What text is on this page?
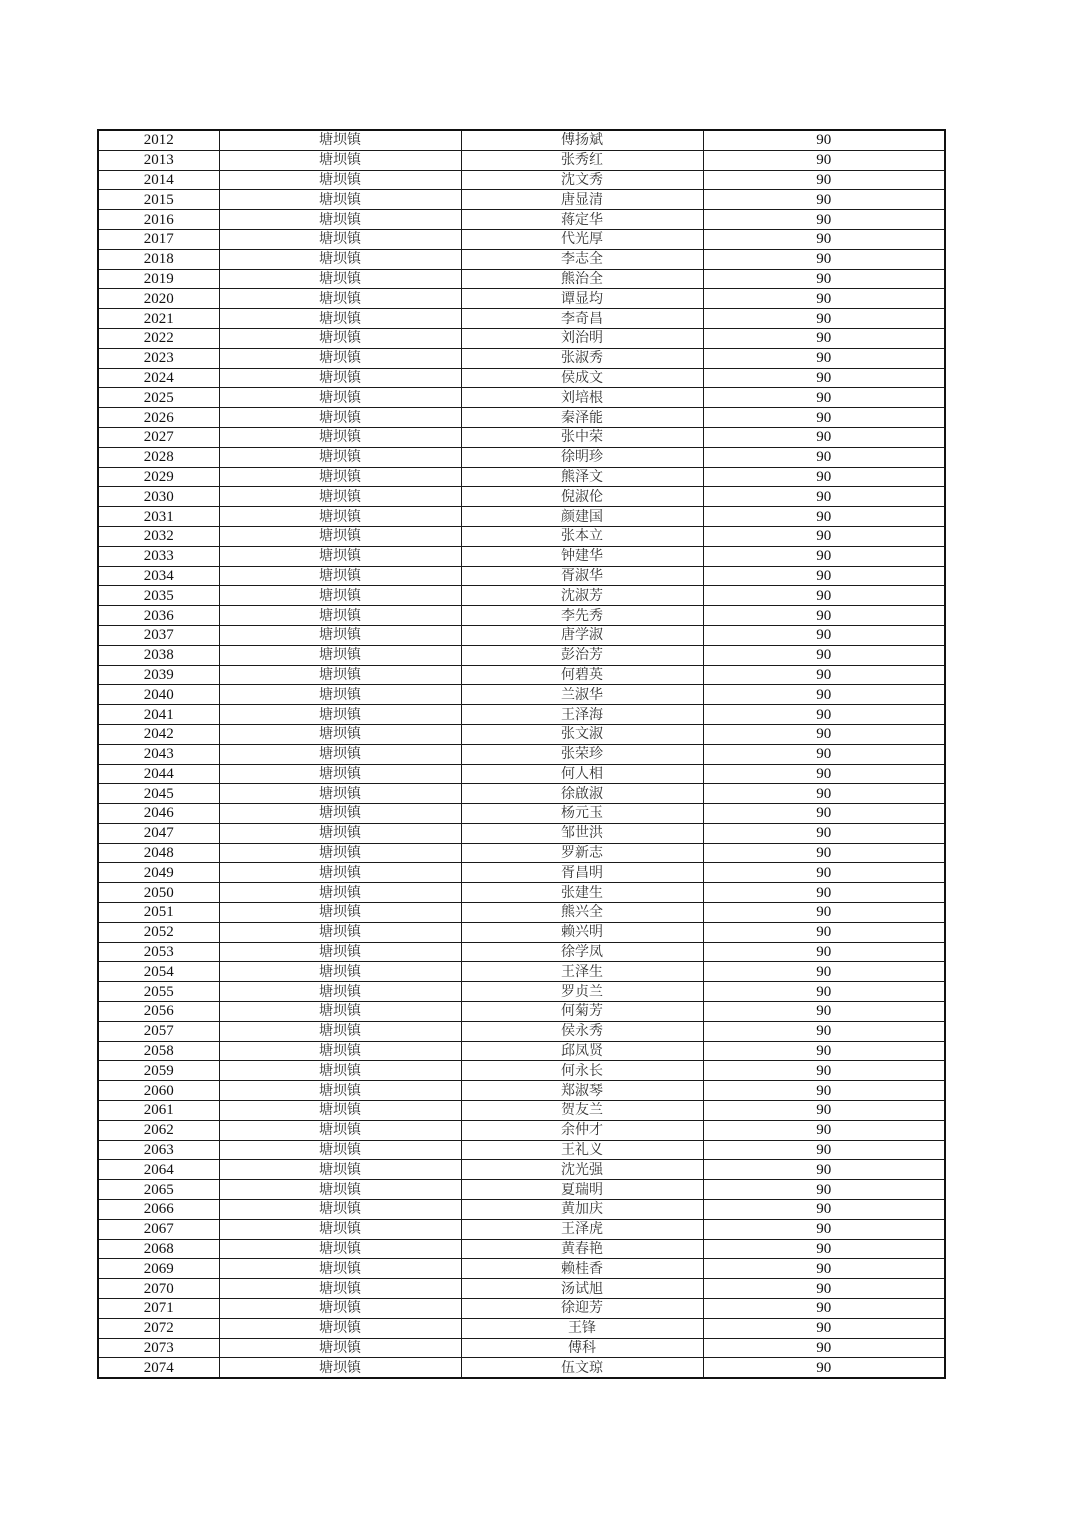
2012	塘坝镇	傅扬斌	90
2013	塘坝镇	张秀红	90
2014	塘坝镇	沈文秀	90
2015	塘坝镇	唐显清	90
2016	塘坝镇	蒋定华	90
2017	塘坝镇	代光厚	90
2018	塘坝镇	李志全	90
2019	塘坝镇	熊治全	90
2020	塘坝镇	谭显均	90
2021	塘坝镇	李奇昌	90
2022	塘坝镇	刘治明	90
2023	塘坝镇	张淑秀	90
2024	塘坝镇	侯成文	90
2025	塘坝镇	刘培根	90
2026	塘坝镇	秦泽能	90
2027	塘坝镇	张中荣	90
2028	塘坝镇	徐明珍	90
2029	塘坝镇	熊泽文	90
2030	塘坝镇	倪淑伦	90
2031	塘坝镇	颜建国	90
2032	塘坝镇	张本立	90
2033	塘坝镇	钟建华	90
2034	塘坝镇	胥淑华	90
2035	塘坝镇	沈淑芳	90
2036	塘坝镇	李先秀	90
2037	塘坝镇	唐学淑	90
2038	塘坝镇	彭治芳	90
2039	塘坝镇	何碧英	90
2040	塘坝镇	兰淑华	90
2041	塘坝镇	王泽海	90
2042	塘坝镇	张文淑	90
2043	塘坝镇	张荣珍	90
2044	塘坝镇	何人相	90
2045	塘坝镇	徐啟淑	90
2046	塘坝镇	杨元玉	90
2047	塘坝镇	邹世洪	90
2048	塘坝镇	罗新志	90
2049	塘坝镇	胥昌明	90
2050	塘坝镇	张建生	90
2051	塘坝镇	熊兴全	90
2052	塘坝镇	赖兴明	90
2053	塘坝镇	徐学凤	90
2054	塘坝镇	王泽生	90
2055	塘坝镇	罗贞兰	90
2056	塘坝镇	何菊芳	90
2057	塘坝镇	侯永秀	90
2058	塘坝镇	邱凤贤	90
2059	塘坝镇	何永长	90
2060	塘坝镇	郑淑琴	90
2061	塘坝镇	贺友兰	90
2062	塘坝镇	余仲才	90
2063	塘坝镇	王礼义	90
2064	塘坝镇	沈光强	90
2065	塘坝镇	夏瑞明	90
2066	塘坝镇	黄加庆	90
2067	塘坝镇	王泽虎	90
2068	塘坝镇	黄春艳	90
2069	塘坝镇	赖桂香	90
2070	塘坝镇	汤试旭	90
2071	塘坝镇	徐迎芳	90
2072	塘坝镇	王锋	90
2073	塘坝镇	傅科	90
2074	塘坝镇	伍文琼	90
